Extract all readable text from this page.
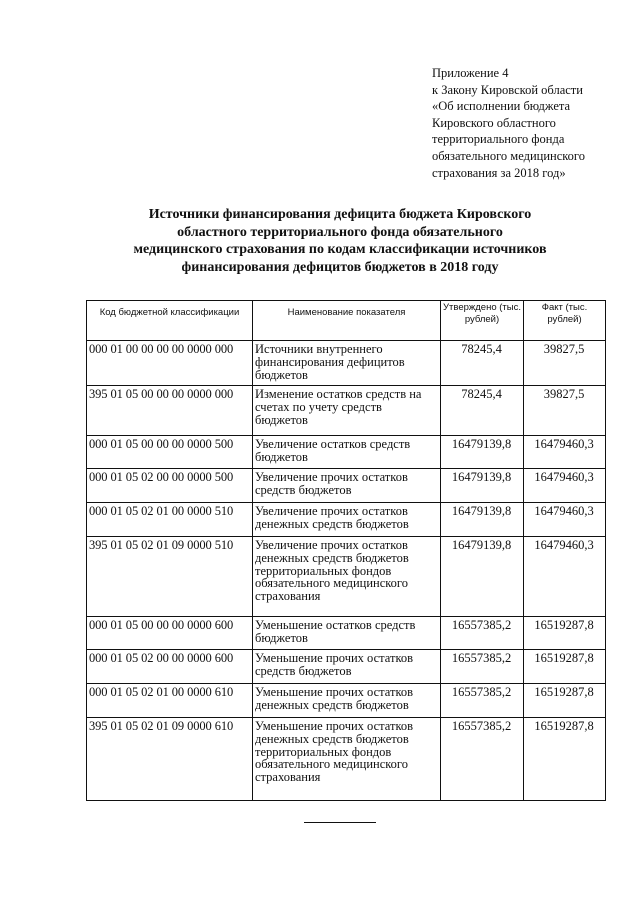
Приложение 4
к Закону Кировской области
«Об исполнении бюджета
Кировского областного
территориального фонда
обязательного медицинского
страхования за 2018 год»
Источники финансирования дефицита бюджета Кировского
областного территориального фонда обязательного
медицинского страхования по кодам классификации источников
финансирования дефицитов бюджетов в 2018 году
Код бюджетной классификации	Наименование показателя	Утверждено (тыс. рублей)	Факт (тыс. рублей)
000 01 00 00 00 00 0000 000	Источники внутреннего финансирования дефицитов бюджетов	78245,4	39827,5
395 01 05 00 00 00 0000 000	Изменение остатков средств на счетах по учету средств бюджетов	78245,4	39827,5
000 01 05 00 00 00 0000 500	Увеличение остатков средств бюджетов	16479139,8	16479460,3
000 01 05 02 00 00 0000 500	Увеличение прочих остатков средств бюджетов	16479139,8	16479460,3
000 01 05 02 01 00 0000 510	Увеличение прочих остатков денежных средств бюджетов	16479139,8	16479460,3
395 01 05 02 01 09 0000 510	Увеличение прочих остатков денежных средств бюджетов территориальных фондов обязательного медицинского страхования	16479139,8	16479460,3
000 01 05 00 00 00 0000 600	Уменьшение остатков средств бюджетов	16557385,2	16519287,8
000 01 05 02 00 00 0000 600	Уменьшение прочих остатков средств бюджетов	16557385,2	16519287,8
000 01 05 02 01 00 0000 610	Уменьшение прочих остатков денежных средств бюджетов	16557385,2	16519287,8
395 01 05 02 01 09 0000 610	Уменьшение прочих остатков денежных средств бюджетов территориальных фондов обязательного медицинского страхования	16557385,2	16519287,8
